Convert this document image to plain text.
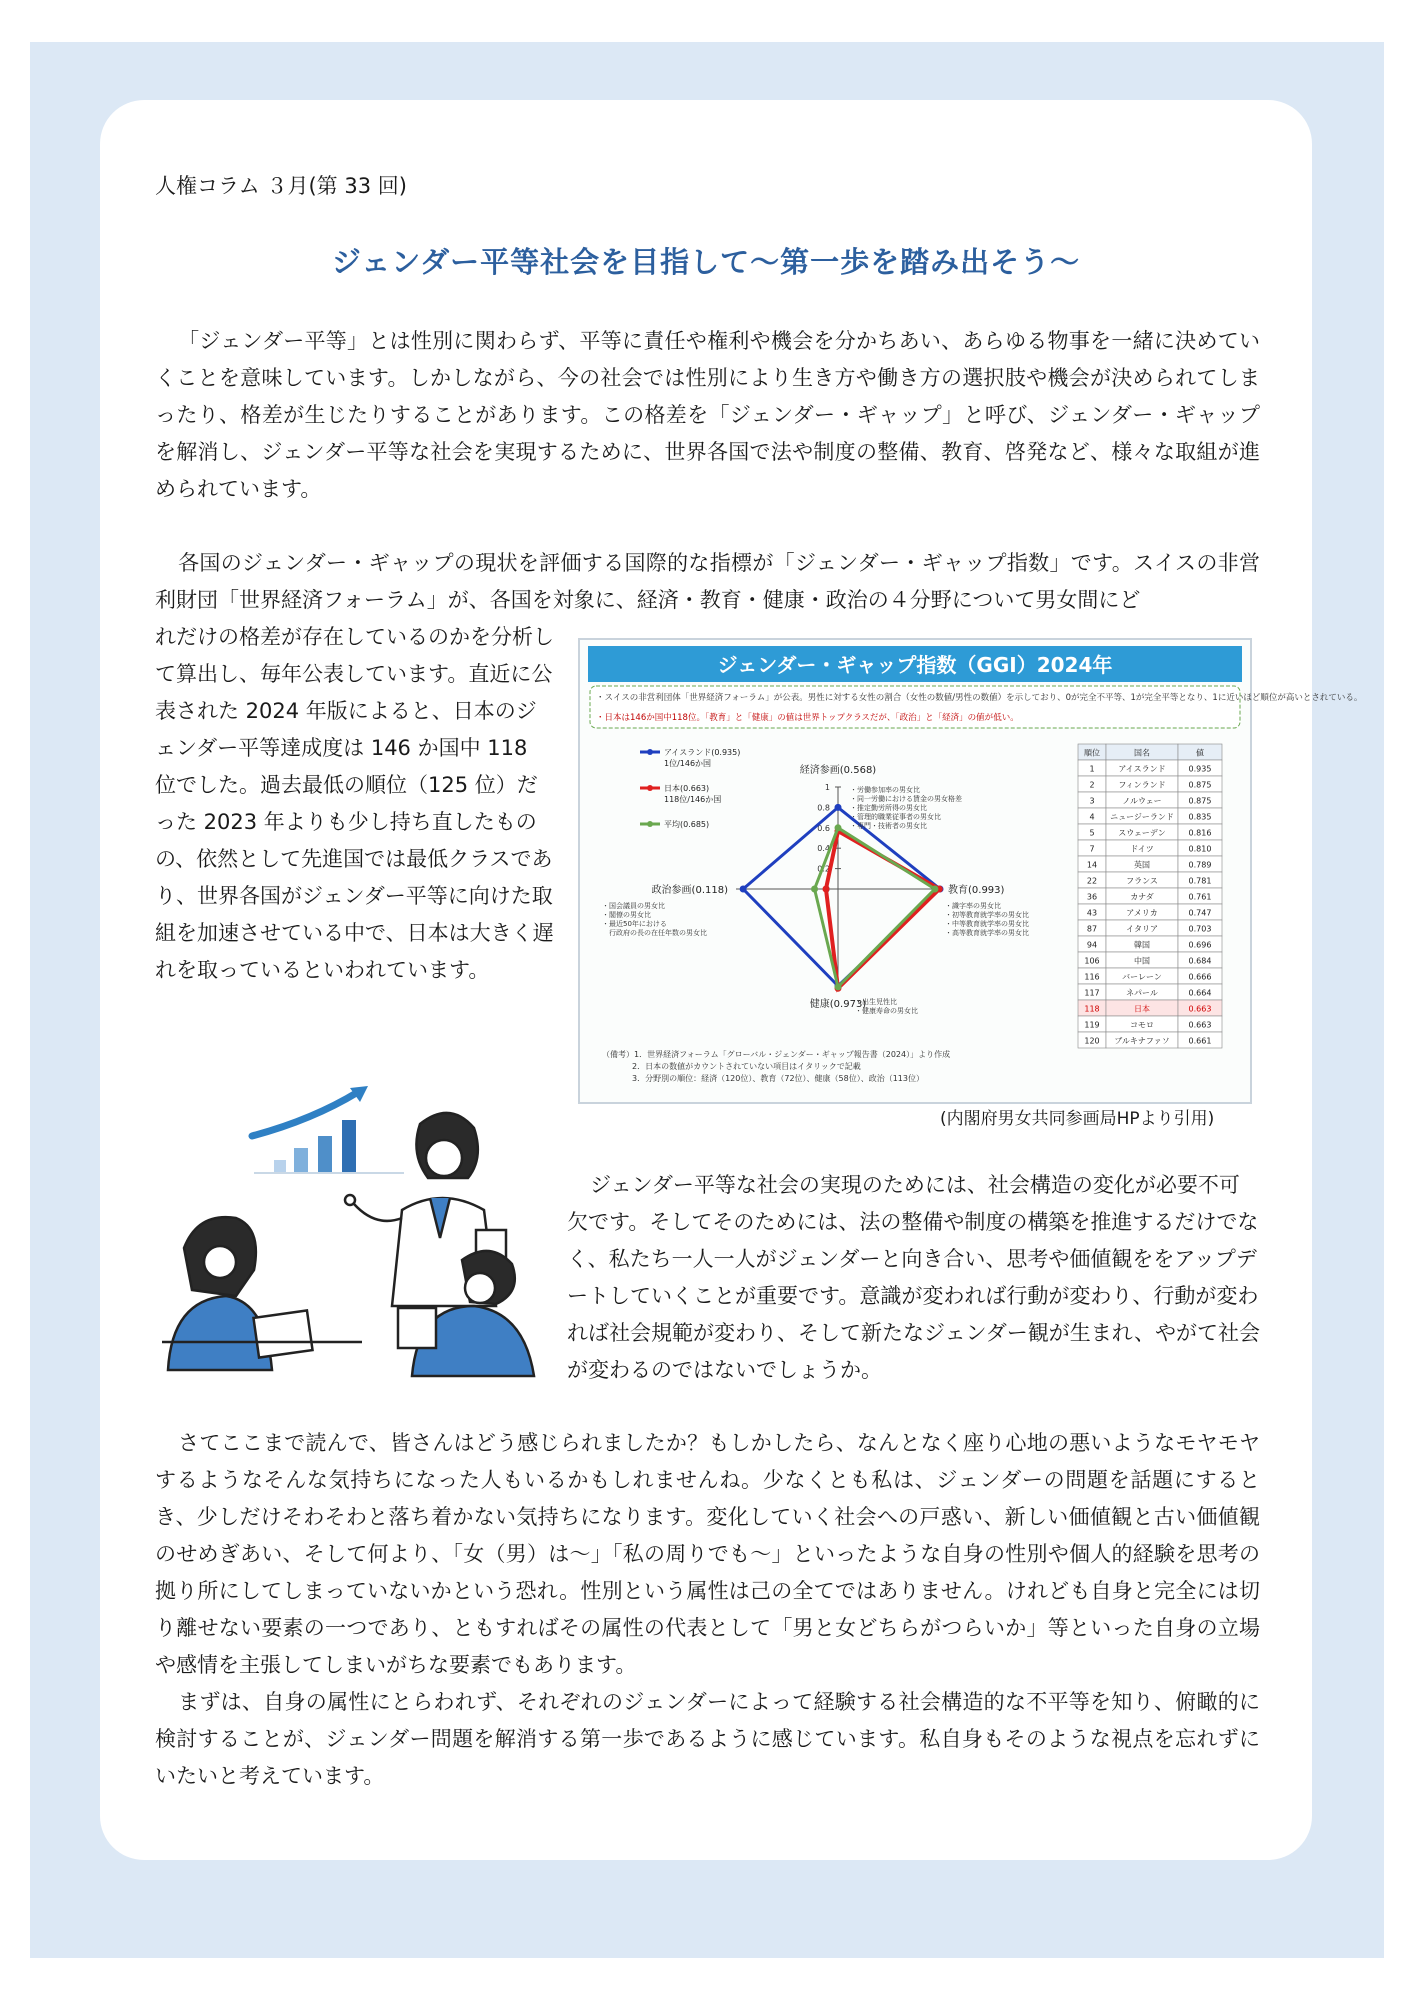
人権コラム ３月(第 33 回)
ジェンダー平等社会を目指して～第一歩を踏み出そう～

「ジェンダー平等」とは性別に関わらず、平等に責任や権利や機会を分かちあい、あらゆる物事を一緒に決めていくことを意味しています。しかしながら、今の社会では性別により生き方や働き方の選択肢や機会が決められてしまったり、格差が生じたりすることがあります。この格差を「ジェンダー・ギャップ」と呼び、ジェンダー・ギャップを解消し、ジェンダー平等な社会を実現するために、世界各国で法や制度の整備、教育、啓発など、様々な取組が進められています。

各国のジェンダー・ギャップの現状を評価する国際的な指標が「ジェンダー・ギャップ指数」です。スイスの非営利財団「世界経済フォーラム」が、各国を対象に、経済・教育・健康・政治の４分野について男女間にど

れだけの格差が存在しているのかを分析して算出し、毎年公表しています。直近に公表された 2024 年版によると、日本のジェンダー平等達成度は 146 か国中 118 位でした。過去最低の順位（125 位）だった 2023 年よりも少し持ち直したものの、依然として先進国では最低クラスであり、世界各国がジェンダー平等に向けた取組を加速させている中で、日本は大きく遅れを取っているといわれています。

ジェンダー・ギャップ指数（GGI）2024年
・スイスの非営利団体「世界経済フォーラム」が公表。男性に対する女性の割合（女性の数値/男性の数値）を示しており、0が完全不平等、1が完全平等となり、1に近いほど順位が高いとされている。
・日本は146か国中118位。「教育」と「健康」の値は世界トップクラスだが、「政治」と「経済」の値が低い。
0.2
0.4
0.6
0.8
1
経済参画(0.568)
教育(0.993)
健康(0.973)
政治参画(0.118)
・労働参加率の男女比
・同一労働における賃金の男女格差
・推定勤労所得の男女比
・管理的職業従事者の男女比
・専門・技術者の男女比
・識字率の男女比
・初等教育就学率の男女比
・中等教育就学率の男女比
・高等教育就学率の男女比
・出生児性比
・健康寿命の男女比
・国会議員の男女比
・閣僚の男女比
・最近50年における
　行政府の長の在任年数の男女比
アイスランド(0.935)
1位/146か国
日本(0.663)
118位/146か国
平均(0.685)
順位	国名	値
1	アイスランド	0.935
2	フィンランド	0.875
3	ノルウェー	0.875
4 ニュージーランド 0.835
5	スウェーデン	0.816
7	ドイツ	0.810
14	英国	0.789
22	フランス	0.781
36	カナダ	0.761
43	アメリカ	0.747
87	イタリア	0.703
94	韓国	0.696
106	中国	0.684
116	バーレーン	0.666
117	ネパール	0.664
118	日本	0.663
119	コモロ	0.663
120 ブルキナファソ 0.661
（備考）1．世界経済フォーラム「グローバル・ジェンダー・ギャップ報告書（2024）」より作成
2．日本の数値がカウントされていない項目はイタリックで記載
3．分野別の順位：経済（120位）、教育（72位）、健康（58位）、政治（113位）
(内閣府男女共同参画局HPより引用)

ジェンダー平等な社会の実現のためには、社会構造の変化が必要不可欠です。そしてそのためには、法の整備や制度の構築を推進するだけでなく、私たち一人一人がジェンダーと向き合い、思考や価値観ををアップデートしていくことが重要です。意識が変われば行動が変わり、行動が変われば社会規範が変わり、そして新たなジェンダー観が生まれ、やがて社会が変わるのではないでしょうか。

さてここまで読んで、皆さんはどう感じられましたか？もしかしたら、なんとなく座り心地の悪いようなモヤモヤするようなそんな気持ちになった人もいるかもしれませんね。少なくとも私は、ジェンダーの問題を話題にするとき、少しだけそわそわと落ち着かない気持ちになります。変化していく社会への戸惑い、新しい価値観と古い価値観のせめぎあい、そして何より、「女（男）は～」「私の周りでも～」といったような自身の性別や個人的経験を思考の拠り所にしてしまっていないかという恐れ。性別という属性は己の全てではありません。けれども自身と完全には切り離せない要素の一つであり、ともすればその属性の代表として「男と女どちらがつらいか」等といった自身の立場や感情を主張してしまいがちな要素でもあります。

まずは、自身の属性にとらわれず、それぞれのジェンダーによって経験する社会構造的な不平等を知り、俯瞰的に検討することが、ジェンダー問題を解消する第一歩であるように感じています。私自身もそのような視点を忘れずにいたいと考えています。
